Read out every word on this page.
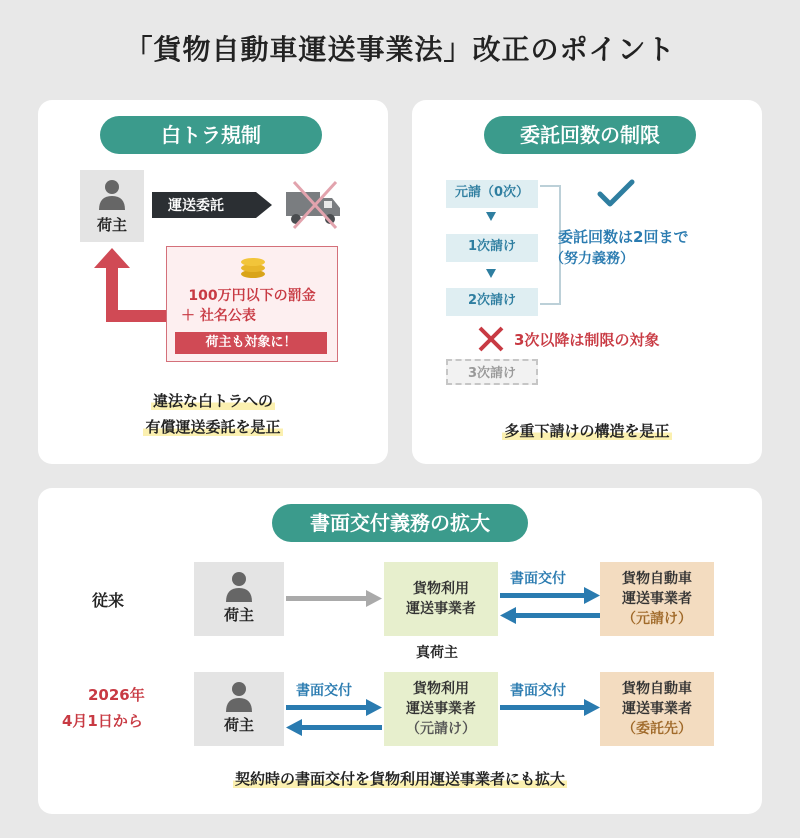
「貨物自動車運送事業法」改正のポイント
白トラ規制
荷主
運送委託
100万円以下の罰金
＋ 社名公表
荷主も対象に！
違法な白トラへの
有償運送委託を是正
委託回数の制限
元請（0次）
1次請け
2次請け
委託回数は2回まで
（努力義務）
3次以降は制限の対象
3次請け
多重下請けの構造を是正
書面交付義務の拡大
従来
荷主
貨物利用
運送事業者
真荷主
書面交付	貨物自動車
運送事業者
（元請け）
2026年
4月1日から	荷主
書面交付	貨物利用
運送事業者
（元請け）
書面交付	貨物自動車
運送事業者
（委託先）
契約時の書面交付を貨物利用運送事業者にも拡大
